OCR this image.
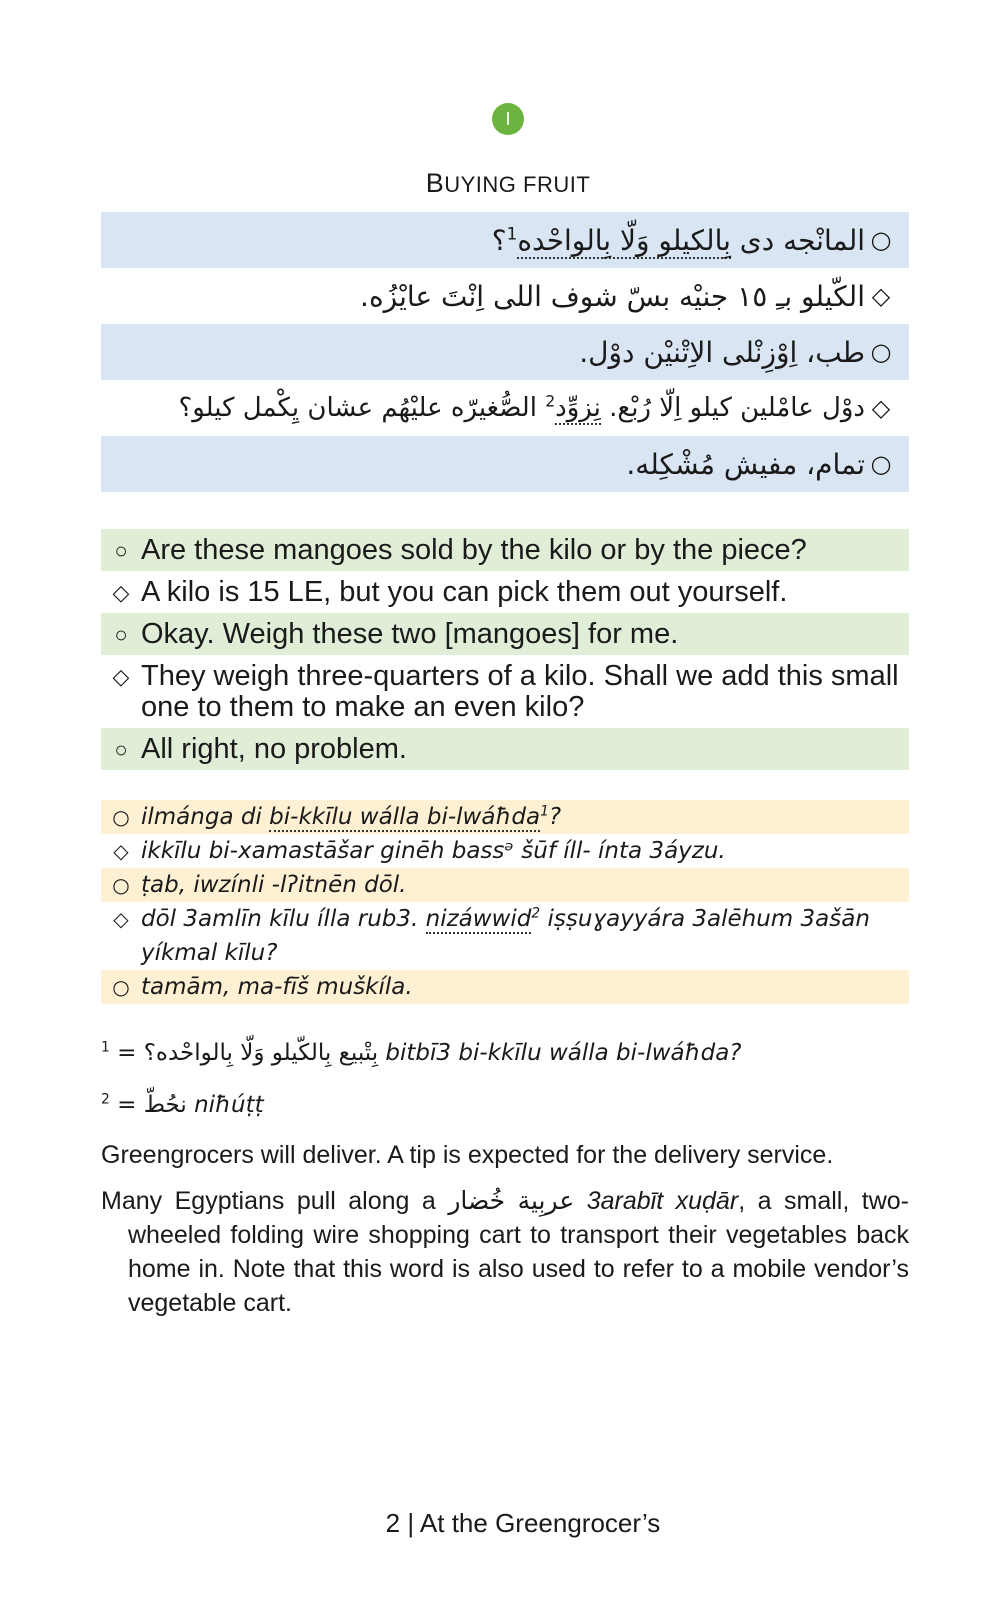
I
BUYING FRUIT
○
المانْجه دى بِالكيلو وَلّا بِالواحْده$^1$؟
◇
الكّيلو بـِ ١٥ جنيْه بسّ شوف اللى اِنْتَ عايْزُه.
○
طب، اِوْزِنْلى الاِتْنيْن دوْل.
◇
دوْل عامْلين كيلو اِلّا رُبْع. نِزوِّد$^2$ الصُّغيرّه عليْهُم عشان يِكْمل كيلو؟
○
تمام، مفيش مُشْكِله.
○ Are these mangoes sold by the kilo or by the piece?
◇ A kilo is 15 LE, but you can pick them out yourself.
○ Okay. Weigh these two [mangoes] for me.
◇ They weigh three-quarters of a kilo. Shall we add this small one to them to make an even kilo?
○ All right, no problem.
○ ilmánga di bi-kkīlu wálla bi-lwáħda$^1$?
◇ ikkīlu bi-xamastāšar ginēh bassᵊ šūf íll- ínta 3áyzu.
○ ṭab, iwzínli -lʔitnēn dōl.
◇ dōl 3amlīn kīlu ílla rub3. nizáwwid$^2$ iṣṣuɣayyára 3alēhum 3ašān yíkmal kīlu?
○ tamām, ma-fīš muškíla.
$^1$ = بِتْبيع بِالكّيلو وَلّا بِالواحْده؟ bitbī3 bi-kkīlu wálla bi-lwáħda?
$^2$ = نحُطّ niħúṭṭ
Greengrocers will deliver. A tip is expected for the delivery service.
Many Egyptians pull along a عربِية خُضار 3arabīt xuḍār, a small, two-wheeled folding wire shopping cart to transport their vegetables back home in. Note that this word is also used to refer to a mobile vendor’s vegetable cart.
2 | At the Greengrocer’s
